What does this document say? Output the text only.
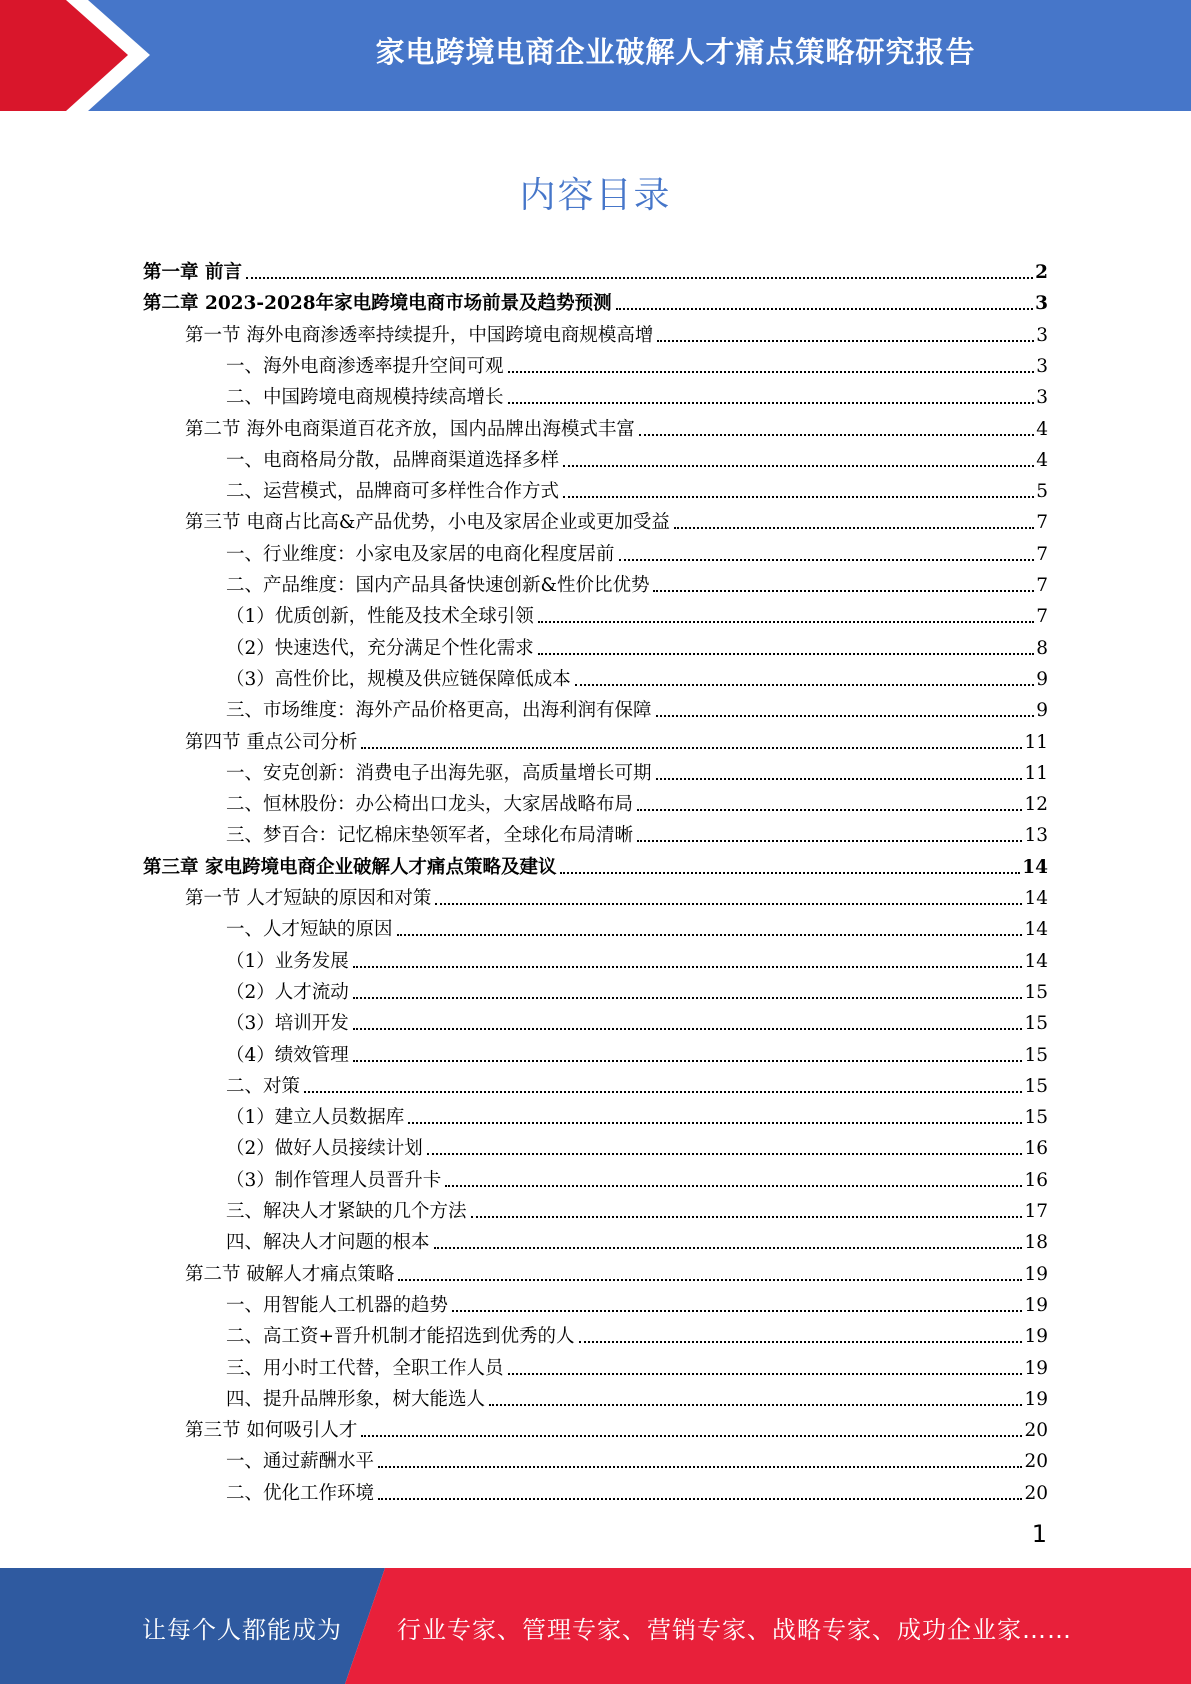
家电跨境电商企业破解人才痛点策略研究报告
内容目录
第一章 前言	2
第二章 2023-2028年家电跨境电商市场前景及趋势预测	3
第一节 海外电商渗透率持续提升，中国跨境电商规模高增	3
一、海外电商渗透率提升空间可观	3
二、中国跨境电商规模持续高增长	3
第二节 海外电商渠道百花齐放，国内品牌出海模式丰富	4
一、电商格局分散，品牌商渠道选择多样	4
二、运营模式，品牌商可多样性合作方式	5
第三节 电商占比高&产品优势，小电及家居企业或更加受益	7
一、行业维度：小家电及家居的电商化程度居前	7
二、产品维度：国内产品具备快速创新&性价比优势	7
（1）优质创新，性能及技术全球引领	7
（2）快速迭代，充分满足个性化需求	8
（3）高性价比，规模及供应链保障低成本	9
三、市场维度：海外产品价格更高，出海利润有保障	9
第四节 重点公司分析	11
一、安克创新：消费电子出海先驱，高质量增长可期	11
二、恒林股份：办公椅出口龙头，大家居战略布局	12
三、梦百合：记忆棉床垫领军者，全球化布局清晰	13
第三章 家电跨境电商企业破解人才痛点策略及建议	14
第一节 人才短缺的原因和对策	14
一、人才短缺的原因	14
（1）业务发展	14
（2）人才流动	15
（3）培训开发	15
（4）绩效管理	15
二、对策	15
（1）建立人员数据库	15
（2）做好人员接续计划	16
（3）制作管理人员晋升卡	16
三、解决人才紧缺的几个方法	17
四、解决人才问题的根本	18
第二节 破解人才痛点策略	19
一、用智能人工机器的趋势	19
二、高工资+晋升机制才能招选到优秀的人	19
三、用小时工代替，全职工作人员	19
四、提升品牌形象，树大能选人	19
第三节 如何吸引人才	20
一、通过薪酬水平	20
二、优化工作环境	20
1
让每个人都能成为 行业专家、管理专家、营销专家、战略专家、成功企业家……
